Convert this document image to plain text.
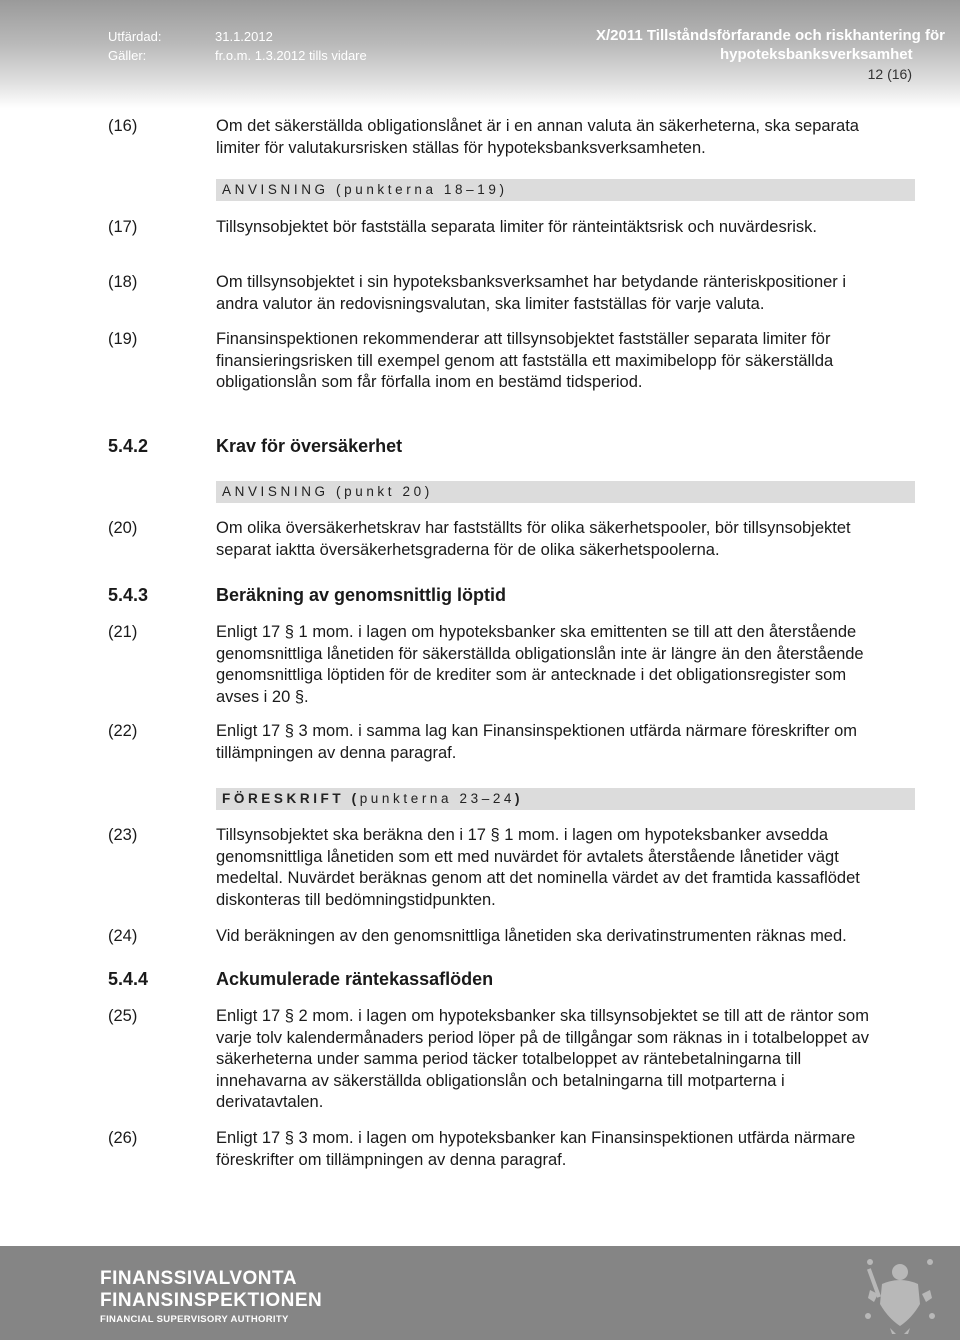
Utfärdad:	31.1.2012
Gäller:	fr.o.m. 1.3.2012 tills vidare
X/2011 Tillståndsförfarande och riskhantering för
hypoteksbanksverksamhet
12 (16)
(16)	Om det säkerställda obligationslånet är i en annan valuta än säkerheterna, ska separata limiter för valutakursrisken ställas för hypoteksbanksverksamheten.
ANVISNING (punkterna 18–19)
(17)	Tillsynsobjektet bör fastställa separata limiter för ränteintäktsrisk och nuvärdesrisk.
(18)	Om tillsynsobjektet i sin hypoteksbanksverksamhet har betydande ränteriskpositioner i andra valutor än redovisningsvalutan, ska limiter fastställas för varje valuta.
(19)	Finansinspektionen rekommenderar att tillsynsobjektet fastställer separata limiter för finansieringsrisken till exempel genom att fastställa ett maximibelopp för säkerställda obligationslån som får förfalla inom en bestämd tidsperiod.
5.4.2	Krav för översäkerhet
ANVISNING (punkt 20)
(20)	Om olika översäkerhetskrav har fastställts för olika säkerhetspooler, bör tillsynsobjektet separat iaktta översäkerhetsgraderna för de olika säkerhetspoolerna.
5.4.3	Beräkning av genomsnittlig löptid
(21)	Enligt 17 § 1 mom. i lagen om hypoteksbanker ska emittenten se till att den återstående genomsnittliga lånetiden för säkerställda obligationslån inte är längre än den återstående genomsnittliga löptiden för de krediter som är antecknade i det obligationsregister som avses i 20 §.
(22)	Enligt 17 § 3 mom. i samma lag kan Finansinspektionen utfärda närmare föreskrifter om tillämpningen av denna paragraf.
FÖRESKRIFT (punkterna 23–24)
(23)	Tillsynsobjektet ska beräkna den i 17 § 1 mom. i lagen om hypoteksbanker avsedda genomsnittliga lånetiden som ett med nuvärdet för avtalets återstående lånetider vägt medeltal. Nuvärdet beräknas genom att det nominella värdet av det framtida kassaflödet diskonteras till bedömningstidpunkten.
(24)	Vid beräkningen av den genomsnittliga lånetiden ska derivatinstrumenten räknas med.
5.4.4	Ackumulerade räntekassaflöden
(25)	Enligt 17 § 2 mom. i lagen om hypoteksbanker ska tillsynsobjektet se till att de räntor som varje tolv kalendermånaders period löper på de tillgångar som räknas in i totalbeloppet av säkerheterna under samma period täcker totalbeloppet av räntebetalningarna till innehavarna av säkerställda obligationslån och betalningarna till motparterna i derivatavtalen.
(26)	Enligt 17 § 3 mom. i lagen om hypoteksbanker kan Finansinspektionen utfärda närmare föreskrifter om tillämpningen av denna paragraf.
FINANSSIVALVONTA
FINANSINSPEKTIONEN
FINANCIAL SUPERVISORY AUTHORITY
